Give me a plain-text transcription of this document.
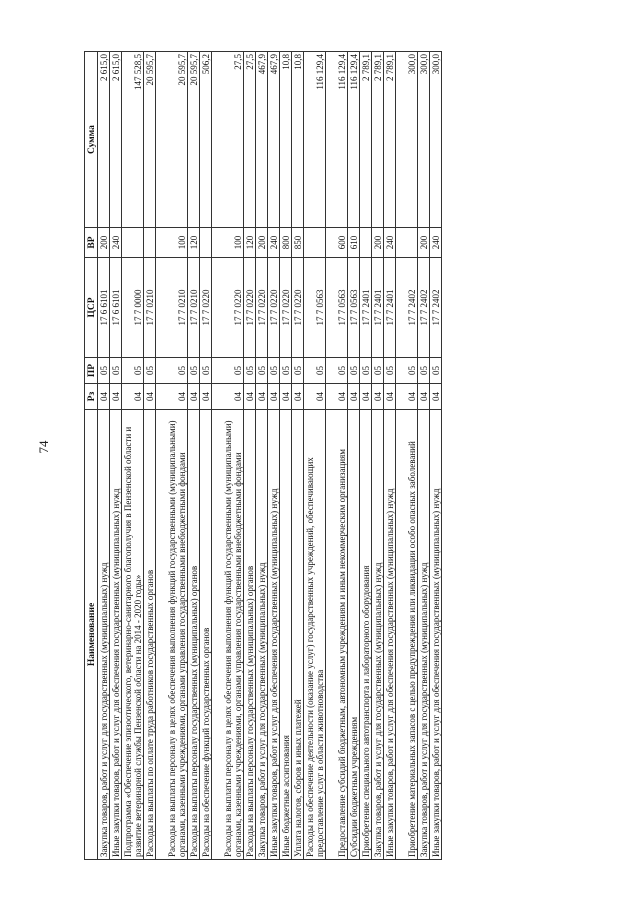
74
Наименование	Рз	ПР	ЦСР	ВР	Сумма
Закупка товаров, работ и услуг для государственных (муниципальных) нужд	04	05	17 6 6101	200	2 615,0
Иные закупки товаров, работ и услуг для обеспечения государственных (муниципальных) нужд	04	05	17 6 6101	240	2 615,0
Подпрограмма «Обеспечение эпизоотического, ветеринарно-санитарного благополучия в Пензенской области и развитие ветеринарной службы Пензенской области на 2014 - 2020 годы»	04	05	17 7 0000		147 528,5
Расходы на выплаты по оплате труда работников государственных органов	04	05	17 7 0210		20 595,7
Расходы на выплаты персоналу в целях обеспечения выполнения функций государственными (муниципальными) органами, казенными учреждениями, органами управления государственными внебюджетными фондами	04	05	17 7 0210	100	20 595,7
Расходы на выплаты персоналу государственных (муниципальных) органов	04	05	17 7 0210	120	20 595,7
Расходы на обеспечение функций государственных органов	04	05	17 7 0220		506,2
Расходы на выплаты персоналу в целях обеспечения выполнения функций государственными (муниципальными) органами, казенными учреждениями, органами управления государственными внебюджетными фондами	04	05	17 7 0220	100	27,5
Расходы на выплаты персоналу государственных (муниципальных) органов	04	05	17 7 0220	120	27,5
Закупка товаров, работ и услуг для государственных (муниципальных) нужд	04	05	17 7 0220	200	467,9
Иные закупки товаров, работ и услуг для обеспечения государственных (муниципальных) нужд	04	05	17 7 0220	240	467,9
Иные бюджетные ассигнования	04	05	17 7 0220	800	10,8
Уплата налогов, сборов и иных платежей	04	05	17 7 0220	850	10,8
Расходы на обеспечение деятельности (оказание услуг) государственных учреждений, обеспечивающих предоставление услуг в области животноводства	04	05	17 7 0563		116 129,4
Предоставление субсидий бюджетным, автономным учреждениям и иным некоммерческим организациям	04	05	17 7 0563	600	116 129,4
Субсидии бюджетным учреждениям	04	05	17 7 0563	610	116 129,4
Приобретение специального автотранспорта и лабораторного оборудования	04	05	17 7 2401		2 789,1
Закупка товаров, работ и услуг для государственных (муниципальных) нужд	04	05	17 7 2401	200	2 789,1
Иные закупки товаров, работ и услуг для обеспечения государственных (муниципальных) нужд	04	05	17 7 2401	240	2 789,1
Приобретение материальных запасов с целью предупреждения или ликвидации особо опасных заболеваний	04	05	17 7 2402		300,0
Закупка товаров, работ и услуг для государственных (муниципальных) нужд	04	05	17 7 2402	200	300,0
Иные закупки товаров, работ и услуг для обеспечения государственных (муниципальных) нужд	04	05	17 7 2402	240	300,0
